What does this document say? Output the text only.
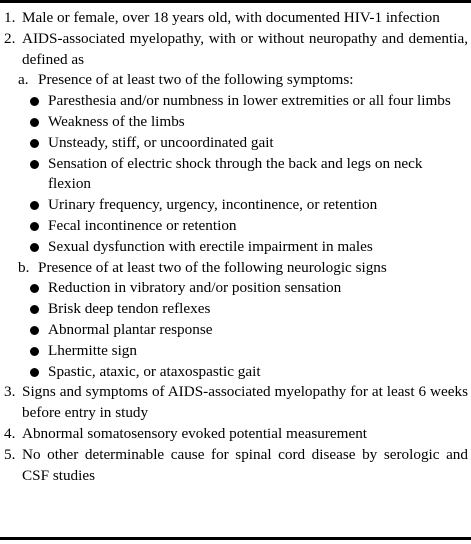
1. Male or female, over 18 years old, with documented HIV-1 infection
2. AIDS-associated myelopathy, with or without neuropathy and dementia, defined as
a. Presence of at least two of the following symptoms:
Paresthesia and/or numbness in lower extremities or all four limbs
Weakness of the limbs
Unsteady, stiff, or uncoordinated gait
Sensation of electric shock through the back and legs on neck flexion
Urinary frequency, urgency, incontinence, or retention
Fecal incontinence or retention
Sexual dysfunction with erectile impairment in males
b. Presence of at least two of the following neurologic signs
Reduction in vibratory and/or position sensation
Brisk deep tendon reflexes
Abnormal plantar response
Lhermitte sign
Spastic, ataxic, or ataxospastic gait
3. Signs and symptoms of AIDS-associated myelopathy for at least 6 weeks before entry in study
4. Abnormal somatosensory evoked potential measurement
5. No other determinable cause for spinal cord disease by serologic and CSF studies
